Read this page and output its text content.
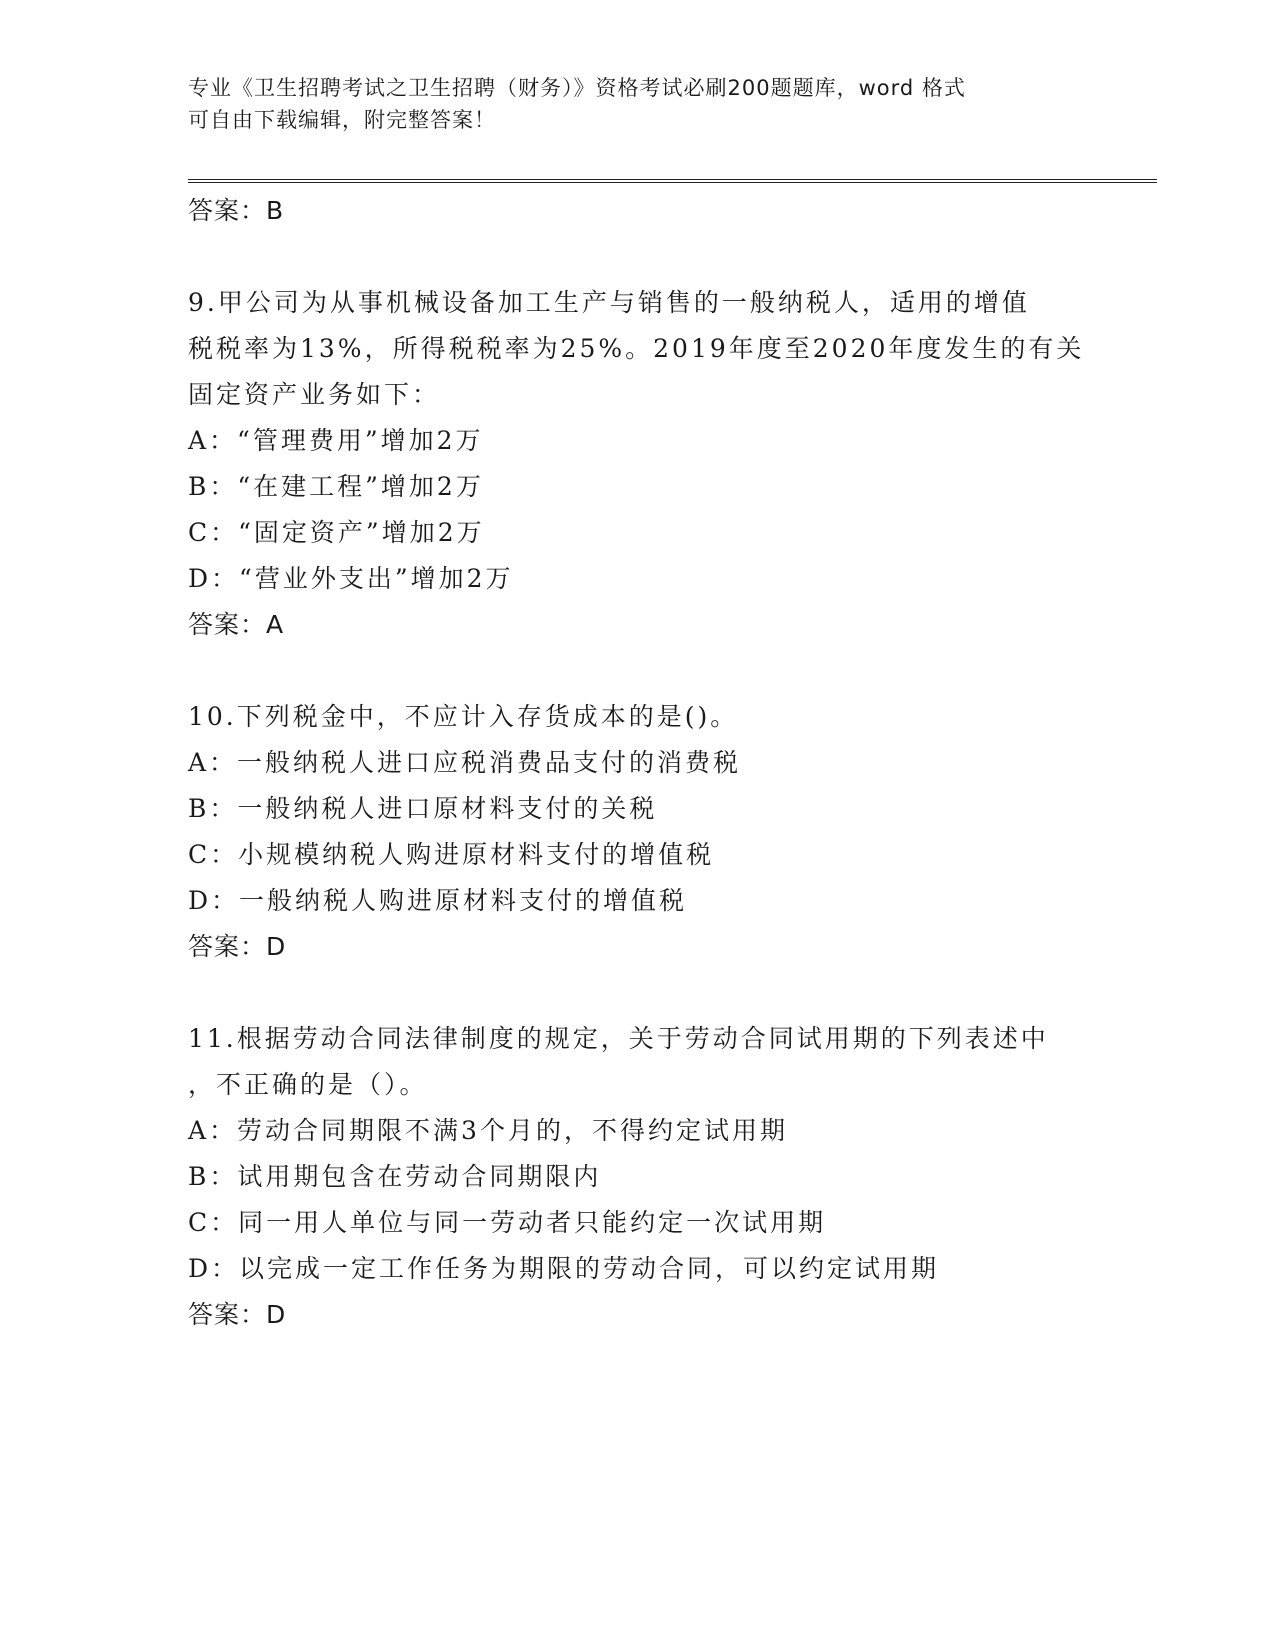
专业《卫生招聘考试之卫生招聘（财务）》资格考试必刷200题题库，word 格式
可自由下载编辑，附完整答案！
答案：B
9.甲公司为从事机械设备加工生产与销售的一般纳税人，适用的增值
税税率为13%，所得税税率为25%。2019年度至2020年度发生的有关
固定资产业务如下：
A：“管理费用”增加2万
B：“在建工程”增加2万
C：“固定资产”增加2万
D：“营业外支出”增加2万
答案：A
10.下列税金中，不应计入存货成本的是()。
A：一般纳税人进口应税消费品支付的消费税
B：一般纳税人进口原材料支付的关税
C：小规模纳税人购进原材料支付的增值税
D：一般纳税人购进原材料支付的增值税
答案：D
11.根据劳动合同法律制度的规定，关于劳动合同试用期的下列表述中
，不正确的是（）。
A：劳动合同期限不满3个月的，不得约定试用期
B：试用期包含在劳动合同期限内
C：同一用人单位与同一劳动者只能约定一次试用期
D：以完成一定工作任务为期限的劳动合同，可以约定试用期
答案：D
